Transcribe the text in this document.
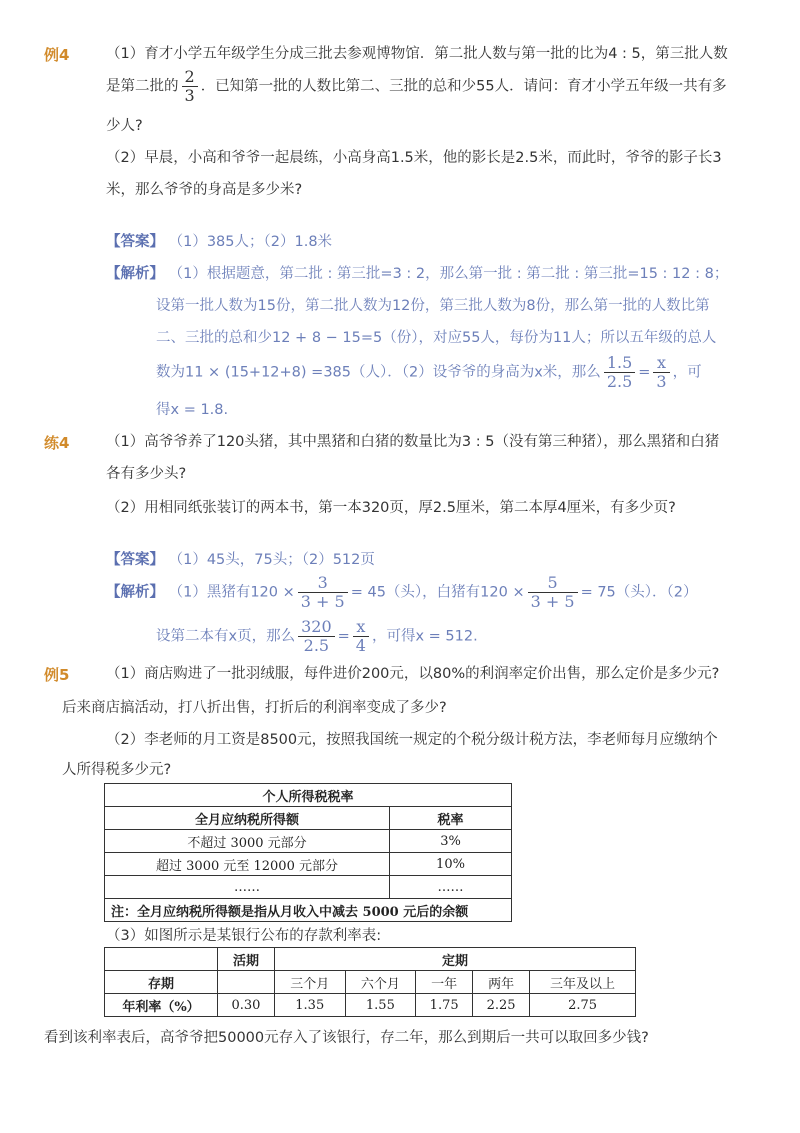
例4	（1）育才小学五年级学生分成三批去参观博物馆．第二批人数与第一批的比为4 : 5，第三批人数
是第二批的 $\frac{2}{3}$ ．已知第一批的人数比第二、三批的总和少55人．请问：育才小学五年级一共有多
少人?
（2）早晨，小高和爷爷一起晨练，小高身高1.5米，他的影长是2.5米，而此时，爷爷的影子长3
米，那么爷爷的身高是多少米?
【答案】 （1）385人；（2）1.8米
【解析】 （1）根据题意，第二批 : 第三批=3 : 2，那么第一批 : 第二批 : 第三批=15 : 12 : 8；
设第一批人数为15份，第二批人数为12份，第三批人数为8份，那么第一批的人数比第
二、三批的总和少12 + 8 − 15=5（份），对应55人，每份为11人；所以五年级的总人
数为11 × (15+12+8) =385（人）．（2）设爷爷的身高为x米，那么 $\frac{1.5}{2.5} = \frac{x}{3}$ ，可
得x = 1.8.
练4	（1）高爷爷养了120头猪，其中黑猪和白猪的数量比为3 : 5（没有第三种猪），那么黑猪和白猪
各有多少头?
（2）用相同纸张装订的两本书，第一本320页，厚2.5厘米，第二本厚4厘米，有多少页?
【答案】 （1）45头，75头；（2）512页
【解析】 （1）黑猪有$120 \times \frac{3}{3 + 5} = 45$（头），白猪有$120 \times \frac{5}{3 + 5} = 75$（头）．（2）
设第二本有x页，那么 $\frac{320}{2.5} = \frac{x}{4}$ ，可得x = 512.
例5	（1）商店购进了一批羽绒服，每件进价200元，以80%的利润率定价出售，那么定价是多少元?
后来商店搞活动，打八折出售，打折后的利润率变成了多少?
（2）李老师的月工资是8500元，按照我国统一规定的个税分级计税方法，李老师每月应缴纳个
人所得税多少元?
个人所得税税率	
全月应纳税所得额	税率
不超过 3000 元部分	3%
超过 3000 元至 12000 元部分	10%
……	……
注：全月应纳税所得额是指从月收入中减去 5000 元后的余额	
（3）如图所示是某银行公布的存款利率表:
	活期	定期				
存期		三个月	六个月	一年	两年	三年及以上
年利率（%）	0.30	1.35	1.55	1.75	2.25	2.75
看到该利率表后，高爷爷把50000元存入了该银行，存二年，那么到期后一共可以取回多少钱?
